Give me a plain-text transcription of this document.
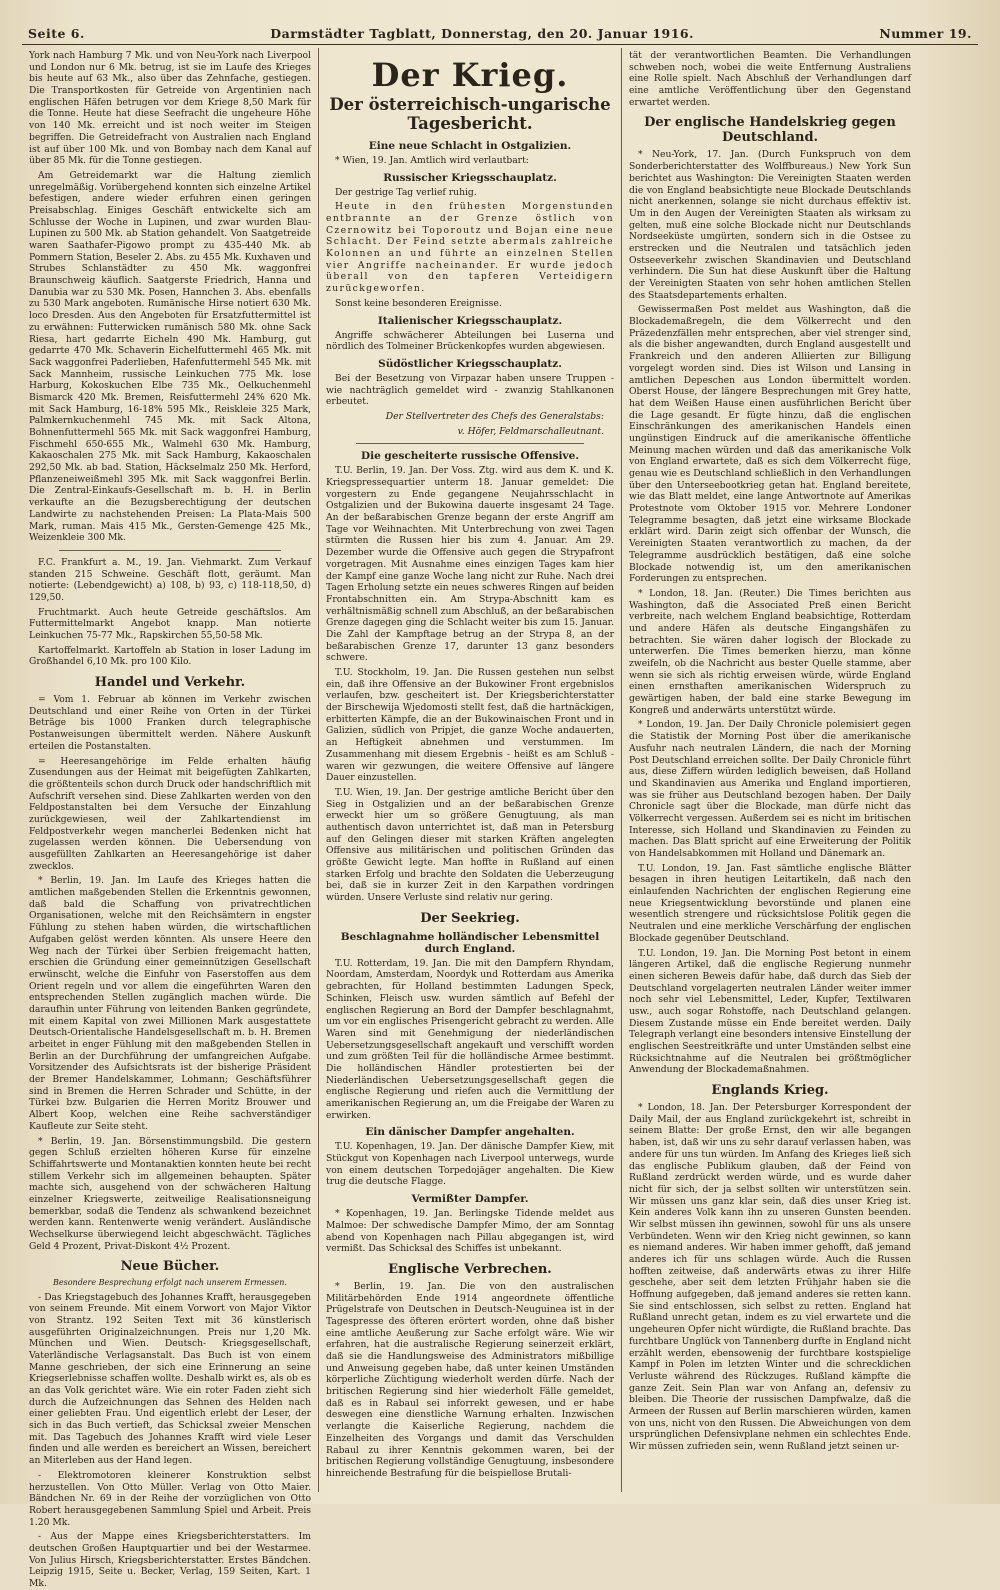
Seite 6.	Darmstädter Tagblatt, Donnerstag, den 20. Januar 1916.	Nummer 19.

York nach Hamburg 7 Mk. und von Neu-York nach Liverpool und London nur 6 Mk. betrug, ist sie im Laufe des Krieges bis heute auf 63 Mk., also über das Zehnfache, gestiegen. Die Transportkosten für Getreide von Argentinien nach englischen Häfen betrugen vor dem Kriege 8,50 Mark für die Tonne. Heute hat diese Seefracht die ungeheure Höhe von 140 Mk. erreicht und ist noch weiter im Steigen begriffen. Die Getreidefracht von Australien nach England ist auf über 100 Mk. und von Bombay nach dem Kanal auf über 85 Mk. für die Tonne gestiegen.

Am Getreidemarkt war die Haltung ziemlich unregelmäßig. Vorübergehend konnten sich einzelne Artikel befestigen, andere wieder erfuhren einen geringen Preisabschlag. Einiges Geschäft entwickelte sich am Schlusse der Woche in Lupinen, und zwar wurden Blau-Lupinen zu 500 Mk. ab Station gehandelt. Von Saatgetreide waren Saathafer-Pigowo prompt zu 435-440 Mk. ab Pommern Station, Beseler 2. Abs. zu 455 Mk. Kuxhaven und Strubes Schlanstädter zu 450 Mk. waggonfrei Braunschweig käuflich. Saatgerste Friedrich, Hanna und Danubia war zu 530 Mk. Posen, Hannchen 3. Abs. ebenfalls zu 530 Mark angeboten. Rumänische Hirse notiert 630 Mk. loco Dresden. Aus den Angeboten für Ersatzfuttermittel ist zu erwähnen: Futterwicken rumänisch 580 Mk. ohne Sack Riesa, hart gedarrte Eicheln 490 Mk. Hamburg, gut gedarrte 470 Mk. Schaverin Eichelfuttermehl 465 Mk. mit Sack waggonfrei Paderlieben, Hafenfuttermehl 545 Mk. mit Sack Mannheim, russische Leinkuchen 775 Mk. lose Harburg, Kokoskuchen Elbe 735 Mk., Oelkuchenmehl Bismarck 420 Mk. Bremen, Reisfuttermehl 24% 620 Mk. mit Sack Hamburg, 16-18% 595 Mk., Reiskleie 325 Mark, Palmkernkuchenmehl 745 Mk. mit Sack Altona, Bohnenfuttermehl 565 Mk. mit Sack waggonfrei Hamburg, Fischmehl 650-655 Mk., Walmehl 630 Mk. Hamburg, Kakaoschalen 275 Mk. mit Sack Hamburg, Kakaoschalen 292,50 Mk. ab bad. Station, Häckselmalz 250 Mk. Herford, Pflanzeneiweißmehl 395 Mk. mit Sack waggonfrei Berlin. Die Zentral-Einkaufs-Gesellschaft m. b. H. in Berlin verkaufte an die Bezugsberechtigung der deutschen Landwirte zu nachstehenden Preisen: La Plata-Mais 500 Mark, ruman. Mais 415 Mk., Gersten-Gemenge 425 Mk., Weizenkleie 300 Mk.

F.C. Frankfurt a. M., 19. Jan. Viehmarkt. Zum Verkauf standen 215 Schweine. Geschäft flott, geräumt. Man notierte: (Lebendgewicht) a) 108, b) 93, c) 118-118,50, d) 129,50.

Fruchtmarkt. Auch heute Getreide geschäftslos. Am Futtermittelmarkt Angebot knapp. Man notierte Leinkuchen 75-77 Mk., Rapskirchen 55,50-58 Mk.

Kartoffelmarkt. Kartoffeln ab Station in loser Ladung im Großhandel 6,10 Mk. pro 100 Kilo.

Handel und Verkehr.

= Vom 1. Februar ab können im Verkehr zwischen Deutschland und einer Reihe von Orten in der Türkei Beträge bis 1000 Franken durch telegraphische Postanweisungen übermittelt werden. Nähere Auskunft erteilen die Postanstalten.

= Heeresangehörige im Felde erhalten häufig Zusendungen aus der Heimat mit beigefügten Zahlkarten, die größtenteils schon durch Druck oder handschriftlich mit Aufschrift versehen sind. Diese Zahlkarten werden von den Feldpostanstalten bei dem Versuche der Einzahlung zurückgewiesen, weil der Zahlkartendienst im Feldpostverkehr wegen mancherlei Bedenken nicht hat zugelassen werden können. Die Uebersendung von ausgefüllten Zahlkarten an Heeresangehörige ist daher zwecklos.

* Berlin, 19. Jan. Im Laufe des Krieges hatten die amtlichen maßgebenden Stellen die Erkenntnis gewonnen, daß bald die Schaffung von privatrechtlichen Organisationen, welche mit den Reichsämtern in engster Fühlung zu stehen haben würden, die wirtschaftlichen Aufgaben gelöst werden könnten. Als unsere Heere den Weg nach der Türkei über Serbien freigemacht hatten, erschien die Gründung einer gemeinnützigen Gesellschaft erwünscht, welche die Einfuhr von Faserstoffen aus dem Orient regeln und vor allem die eingeführten Waren den entsprechenden Stellen zugänglich machen würde. Die daraufhin unter Führung von leitenden Banken gegründete, mit einem Kapital von zwei Millionen Mark ausgestattete Deutsch-Orientalische Handelsgesellschaft m. b. H. Bremen arbeitet in enger Fühlung mit den maßgebenden Stellen in Berlin an der Durchführung der umfangreichen Aufgabe. Vorsitzender des Aufsichtsrats ist der bisherige Präsident der Bremer Handelskammer, Lohmann; Geschäftsführer sind in Bremen die Herren Schrader und Schütte, in der Türkei bzw. Bulgarien die Herren Moritz Brouwer und Albert Koop, welchen eine Reihe sachverständiger Kaufleute zur Seite steht.

* Berlin, 19. Jan. Börsenstimmungsbild. Die gestern gegen Schluß erzielten höheren Kurse für einzelne Schiffahrtswerte und Montanaktien konnten heute bei recht stillem Verkehr sich im allgemeinen behaupten. Später machte sich, ausgehend von der schwächeren Haltung einzelner Kriegswerte, zeitweilige Realisationsneigung bemerkbar, sodaß die Tendenz als schwankend bezeichnet werden kann. Rentenwerte wenig verändert. Ausländische Wechselkurse überwiegend leicht abgeschwächt. Tägliches Geld 4 Prozent, Privat-Diskont 4½ Prozent.

Neue Bücher.

Besondere Besprechung erfolgt nach unserem Ermessen.

- Das Kriegstagebuch des Johannes Krafft, herausgegeben von seinem Freunde. Mit einem Vorwort von Major Viktor von Strantz. 192 Seiten Text mit 36 künstlerisch ausgeführten Originalzeichnungen. Preis nur 1,20 Mk. München und Wien. Deutsch- Kriegsgesellschaft, Vaterländische Verlagsanstalt. Das Buch ist von einem Manne geschrieben, der sich eine Erinnerung an seine Kriegserlebnisse schaffen wollte. Deshalb wirkt es, als ob es an das Volk gerichtet wäre. Wie ein roter Faden zieht sich durch die Aufzeichnungen das Sehnen des Helden nach einer geliebten Frau. Und eigentlich erlebt der Leser, der sich in das Buch vertieft, das Schicksal zweier Menschen mit. Das Tagebuch des Johannes Krafft wird viele Leser finden und alle werden es bereichert an Wissen, bereichert an Miterleben aus der Hand legen.

- Elektromotoren kleinerer Konstruktion selbst herzustellen. Von Otto Müller. Verlag von Otto Maier. Bändchen Nr. 69 in der Reihe der vorzüglichen von Otto Robert herausgegebenen Sammlung Spiel und Arbeit. Preis 1.20 Mk.

- Aus der Mappe eines Kriegsberichterstatters. Im deutschen Großen Hauptquartier und bei der Westarmee. Von Julius Hirsch, Kriegsberichterstatter. Erstes Bändchen. Leipzig 1915, Seite u. Becker, Verlag, 159 Seiten, Kart. 1 Mk.

Der Krieg.
Der österreichisch-ungarische Tagesbericht.
Eine neue Schlacht in Ostgalizien.

* Wien, 19. Jan. Amtlich wird verlautbart:

Russischer Kriegsschauplatz.

Der gestrige Tag verlief ruhig.

Heute in den frühesten Morgenstunden entbrannte an der Grenze östlich von Czernowitz bei Toporoutz und Bojan eine neue Schlacht. Der Feind setzte abermals zahlreiche Kolonnen an und führte an einzelnen Stellen vier Angriffe nacheinander. Er wurde jedoch überall von den tapferen Verteidigern zurückgeworfen.

Sonst keine besonderen Ereignisse.

Italienischer Kriegsschauplatz.

Angriffe schwächerer Abteilungen bei Luserna und nördlich des Tolmeiner Brückenkopfes wurden abgewiesen.

Südöstlicher Kriegsschauplatz.

Bei der Besetzung von Virpazar haben unsere Truppen - wie nachträglich gemeldet wird - zwanzig Stahlkanonen erbeutet.

Der Stellvertreter des Chefs des Generalstabs:

v. Höfer, Feldmarschalleutnant.

Die gescheiterte russische Offensive.

T.U. Berlin, 19. Jan. Der Voss. Ztg. wird aus dem K. und K. Kriegspressequartier unterm 18. Januar gemeldet: Die vorgestern zu Ende gegangene Neujahrsschlacht in Ostgalizien und der Bukowina dauerte insgesamt 24 Tage. An der beßarabischen Grenze begann der erste Angriff am Tage vor Weihnachten. Mit Unterbrechung von zwei Tagen stürmten die Russen hier bis zum 4. Januar. Am 29. Dezember wurde die Offensive auch gegen die Strypafront vorgetragen. Mit Ausnahme eines einzigen Tages kam hier der Kampf eine ganze Woche lang nicht zur Ruhe. Nach drei Tagen Erholung setzte ein neues schweres Ringen auf beiden Frontabschnitten ein. Am Strypa-Abschnitt kam es verhältnismäßig schnell zum Abschluß, an der beßarabischen Grenze dagegen ging die Schlacht weiter bis zum 15. Januar. Die Zahl der Kampftage betrug an der Strypa 8, an der beßarabischen Grenze 17, darunter 13 ganz besonders schwere.

T.U. Stockholm, 19. Jan. Die Russen gestehen nun selbst ein, daß ihre Offensive an der Bukowiner Front ergebnislos verlaufen, bzw. gescheitert ist. Der Kriegsberichterstatter der Birschewija Wjedomosti stellt fest, daß die hartnäckigen, erbitterten Kämpfe, die an der Bukowinaischen Front und in Galizien, südlich von Pripjet, die ganze Woche andauerten, an Heftigkeit abnehmen und verstummen. Im Zusammenhang mit diesem Ergebnis - heißt es am Schluß - waren wir gezwungen, die weitere Offensive auf längere Dauer einzustellen.

T.U. Wien, 19. Jan. Der gestrige amtliche Bericht über den Sieg in Ostgalizien und an der beßarabischen Grenze erweckt hier um so größere Genugtuung, als man authentisch davon unterrichtet ist, daß man in Petersburg auf den Gelingen dieser mit starken Kräften angelegten Offensive aus militärischen und politischen Gründen das größte Gewicht legte. Man hoffte in Rußland auf einen starken Erfolg und brachte den Soldaten die Ueberzeugung bei, daß sie in kurzer Zeit in den Karpathen vordringen würden. Unsere Verluste sind relativ nur gering.

Der Seekrieg.
Beschlagnahme holländischer Lebensmittel durch England.

T.U. Rotterdam, 19. Jan. Die mit den Dampfern Rhyndam, Noordam, Amsterdam, Noordyk und Rotterdam aus Amerika gebrachten, für Holland bestimmten Ladungen Speck, Schinken, Fleisch usw. wurden sämtlich auf Befehl der englischen Regierung an Bord der Dampfer beschlagnahmt, um vor ein englisches Prisengericht gebracht zu werden. Alle Waren sind mit Genehmigung der niederländischen Uebersetzungsgesellschaft angekauft und verschifft worden und zum größten Teil für die holländische Armee bestimmt. Die holländischen Händler protestierten bei der Niederländischen Uebersetzungsgesellschaft gegen die englische Regierung und riefen auch die Vermittlung der amerikanischen Regierung an, um die Freigabe der Waren zu erwirken.

Ein dänischer Dampfer angehalten.

T.U. Kopenhagen, 19. Jan. Der dänische Dampfer Kiew, mit Stückgut von Kopenhagen nach Liverpool unterwegs, wurde von einem deutschen Torpedojäger angehalten. Die Kiew trug die deutsche Flagge.

Vermißter Dampfer.

* Kopenhagen, 19. Jan. Berlingske Tidende meldet aus Malmoe: Der schwedische Dampfer Mimo, der am Sonntag abend von Kopenhagen nach Pillau abgegangen ist, wird vermißt. Das Schicksal des Schiffes ist unbekannt.

Englische Verbrechen.

* Berlin, 19. Jan. Die von den australischen Militärbehörden Ende 1914 angeordnete öffentliche Prügelstrafe von Deutschen in Deutsch-Neuguinea ist in der Tagespresse des öfteren erörtert worden, ohne daß bisher eine amtliche Aeußerung zur Sache erfolgt wäre. Wie wir erfahren, hat die australische Regierung seinerzeit erklärt, daß sie die Handlungsweise des Administrators mißbillige und Anweisung gegeben habe, daß unter keinen Umständen körperliche Züchtigung wiederholt werden dürfe. Nach der britischen Regierung sind hier wiederholt Fälle gemeldet, daß es in Rabaul sei inforrekt gewesen, und er habe deswegen eine dienstliche Warnung erhalten. Inzwischen verlangte die Kaiserliche Regierung, nachdem die Einzelheiten des Vorgangs und damit das Verschulden Rabaul zu ihrer Kenntnis gekommen waren, bei der britischen Regierung vollständige Genugtuung, insbesondere hinreichende Bestrafung für die beispiellose Brutali-

tät der verantwortlichen Beamten. Die Verhandlungen schweben noch, wobei die weite Entfernung Australiens eine Rolle spielt. Nach Abschluß der Verhandlungen darf eine amtliche Veröffentlichung über den Gegenstand erwartet werden.

Der englische Handelskrieg gegen Deutschland.

* Neu-York, 17. Jan. (Durch Funkspruch von dem Sonderberichterstatter des Wolffbureaus.) New York Sun berichtet aus Washington: Die Vereinigten Staaten werden die von England beabsichtigte neue Blockade Deutschlands nicht anerkennen, solange sie nicht durchaus effektiv ist. Um in den Augen der Vereinigten Staaten als wirksam zu gelten, muß eine solche Blockade nicht nur Deutschlands Nordseeküste umgürten, sondern sich in die Ostsee zu erstrecken und die Neutralen und tatsächlich jeden Ostseeverkehr zwischen Skandinavien und Deutschland verhindern. Die Sun hat diese Auskunft über die Haltung der Vereinigten Staaten von sehr hohen amtlichen Stellen des Staatsdepartements erhalten.

Gewissermaßen Post meldet aus Washington, daß die Blockademaßregeln, die dem Völkerrecht und den Präzedenzfällen mehr entsprechen, aber viel strenger sind, als die bisher angewandten, durch England ausgestellt und Frankreich und den anderen Alliierten zur Billigung vorgelegt worden sind. Dies ist Wilson und Lansing in amtlichen Depeschen aus London übermittelt worden. Oberst House, der längere Besprechungen mit Grey hatte, hat dem Weißen Hause einen ausführlichen Bericht über die Lage gesandt. Er fügte hinzu, daß die englischen Einschränkungen des amerikanischen Handels einen ungünstigen Eindruck auf die amerikanische öffentliche Meinung machen würden und daß das amerikanische Volk von England erwartete, daß es sich dem Völkerrecht füge, genau wie es Deutschland schließlich in den Verhandlungen über den Unterseebootkrieg getan hat. England bereitete, wie das Blatt meldet, eine lange Antwortnote auf Amerikas Protestnote vom Oktober 1915 vor. Mehrere Londoner Telegramme besagten, daß jetzt eine wirksame Blockade erklärt wird. Darin zeigt sich offenbar der Wunsch, die Vereinigten Staaten verantwortlich zu machen, da der Telegramme ausdrücklich bestätigen, daß eine solche Blockade notwendig ist, um den amerikanischen Forderungen zu entsprechen.

* London, 18. Jan. (Reuter.) Die Times berichten aus Washington, daß die Associated Preß einen Bericht verbreite, nach welchem England beabsichtige, Rotterdam und andere Häfen als deutsche Eingangshäfen zu betrachten. Sie wären daher logisch der Blockade zu unterwerfen. Die Times bemerken hierzu, man könne zweifeln, ob die Nachricht aus bester Quelle stamme, aber wenn sie sich als richtig erweisen würde, würde England einen ernsthaften amerikanischen Widerspruch zu gewärtigen haben, der bald eine starke Bewegung im Kongreß und anderwärts unterstützt würde.

* London, 19. Jan. Der Daily Chronicle polemisiert gegen die Statistik der Morning Post über die amerikanische Ausfuhr nach neutralen Ländern, die nach der Morning Post Deutschland erreichen sollte. Der Daily Chronicle führt aus, diese Ziffern würden lediglich beweisen, daß Holland und Skandinavien aus Amerika und England importieren, was sie früher aus Deutschland bezogen haben. Der Daily Chronicle sagt über die Blockade, man dürfe nicht das Völkerrecht vergessen. Außerdem sei es nicht im britischen Interesse, sich Holland und Skandinavien zu Feinden zu machen. Das Blatt spricht auf eine Erweiterung der Politik von Handelsabkommen mit Holland und Dänemark an.

T.U. London, 19. Jan. Fast sämtliche englische Blätter besagen in ihren heutigen Leitartikeln, daß nach den einlaufenden Nachrichten der englischen Regierung eine neue Kriegsentwicklung bevorstünde und planen eine wesentlich strengere und rücksichtslose Politik gegen die Neutralen und eine merkliche Verschärfung der englischen Blockade gegenüber Deutschland.

T.U. London, 19. Jan. Die Morning Post betont in einem längeren Artikel, daß die englische Regierung nunmehr einen sicheren Beweis dafür habe, daß durch das Sieb der Deutschland vorgelagerten neutralen Länder weiter immer noch sehr viel Lebensmittel, Leder, Kupfer, Textilwaren usw., auch sogar Rohstoffe, nach Deutschland gelangen. Diesem Zustande müsse ein Ende bereitet werden. Daily Telegraph verlangt eine besonders intensive Einstellung der englischen Seestreitkräfte und unter Umständen selbst eine Rücksichtnahme auf die Neutralen bei größtmöglicher Anwendung der Blockademaßnahmen.

Englands Krieg.

* London, 18. Jan. Der Petersburger Korrespondent der Daily Mail, der aus England zurückgekehrt ist, schreibt in seinem Blatte: Der große Ernst, den wir alle begangen haben, ist, daß wir uns zu sehr darauf verlassen haben, was andere für uns tun würden. Im Anfang des Krieges ließ sich das englische Publikum glauben, daß der Feind von Rußland zerdrückt werden würde, und es wurde daher nicht für sich, der ja selbst sollten wir unterstützen sein. Wir müssen uns ganz klar sein, daß dies unser Krieg ist. Kein anderes Volk kann ihn zu unseren Gunsten beenden. Wir selbst müssen ihn gewinnen, sowohl für uns als unsere Verbündeten. Wenn wir den Krieg nicht gewinnen, so kann es niemand anderes. Wir haben immer gehofft, daß jemand anderes ich für uns schlagen würde. Auch die Russen hofften zeitweise, daß anderwärts etwas zu ihrer Hilfe geschehe, aber seit dem letzten Frühjahr haben sie die Hoffnung aufgegeben, daß jemand anderes sie retten kann. Sie sind entschlossen, sich selbst zu retten. England hat Rußland unrecht getan, indem es zu viel erwartete und die ungeheuren Opfer nicht würdigte, die Rußland brachte. Das furchtbare Unglück von Tannenberg durfte in England nicht erzählt werden, ebensowenig der furchtbare kostspielige Kampf in Polen im letzten Winter und die schrecklichen Verluste während des Rückzuges. Rußland kämpfte die ganze Zeit. Sein Plan war von Anfang an, defensiv zu bleiben. Die Theorie der russischen Dampfwalze, daß die Armeen der Russen auf Berlin marschieren würden, kamen von uns, nicht von den Russen. Die Abweichungen von dem ursprünglichen Defensivplane nehmen ein schlechtes Ende. Wir müssen zufrieden sein, wenn Rußland jetzt seinen ur-
